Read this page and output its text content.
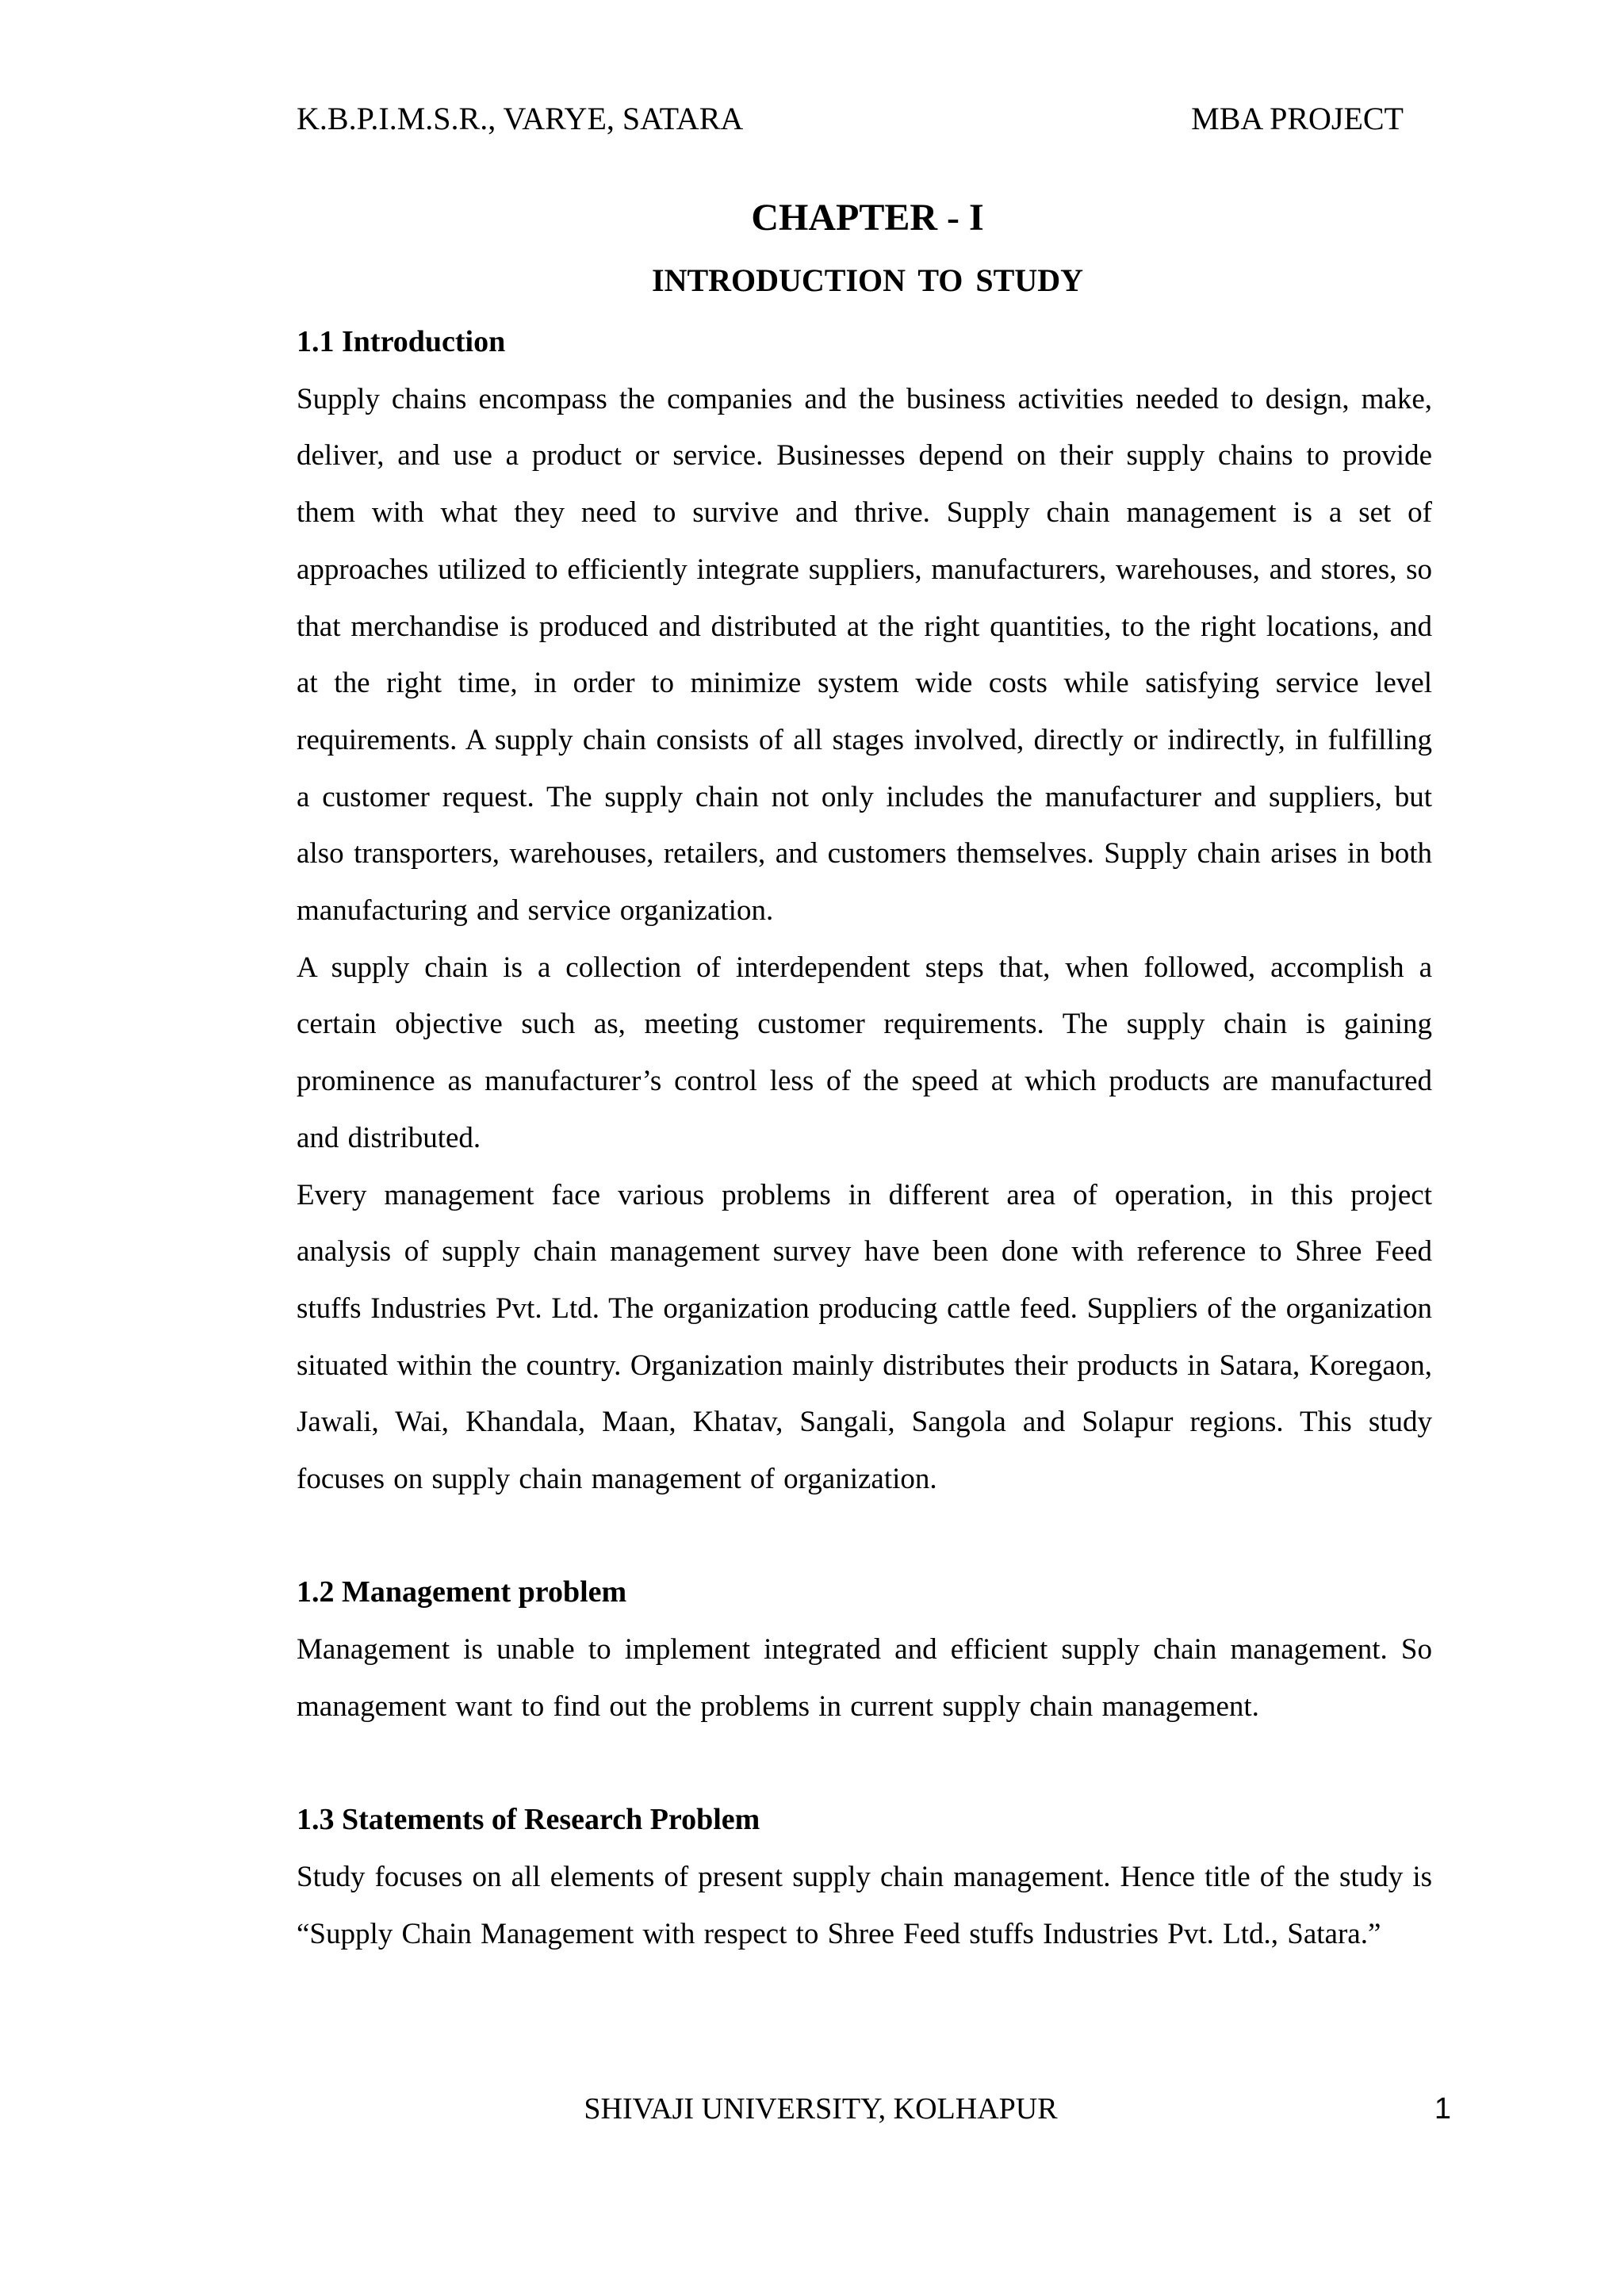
K.B.P.I.M.S.R., VARYE, SATARA	MBA PROJECT
CHAPTER - I
INTRODUCTION TO STUDY

1.1 Introduction

Supply chains encompass the companies and the business activities needed to design, make, deliver, and use a product or service. Businesses depend on their supply chains to provide them with what they need to survive and thrive. Supply chain management is a set of approaches utilized to efficiently integrate suppliers, manufacturers, warehouses, and stores, so that merchandise is produced and distributed at the right quantities, to the right locations, and at the right time, in order to minimize system wide costs while satisfying service level requirements. A supply chain consists of all stages involved, directly or indirectly, in fulfilling a customer request. The supply chain not only includes the manufacturer and suppliers, but also transporters, warehouses, retailers, and customers themselves. Supply chain arises in both manufacturing and service organization.

A supply chain is a collection of interdependent steps that, when followed, accomplish a certain objective such as, meeting customer requirements. The supply chain is gaining prominence as manufacturer’s control less of the speed at which products are manufactured and distributed.

Every management face various problems in different area of operation, in this project analysis of supply chain management survey have been done with reference to Shree Feed stuffs Industries Pvt. Ltd. The organization producing cattle feed. Suppliers of the organization situated within the country. Organization mainly distributes their products in Satara, Koregaon, Jawali, Wai, Khandala, Maan, Khatav, Sangali, Sangola and Solapur regions. This study focuses on supply chain management of organization.

1.2 Management problem

Management is unable to implement integrated and efficient supply chain management. So management want to find out the problems in current supply chain management.

1.3 Statements of Research Problem

Study focuses on all elements of present supply chain management. Hence title of the study is “Supply Chain Management with respect to Shree Feed stuffs Industries Pvt. Ltd., Satara.”

SHIVAJI UNIVERSITY, KOLHAPUR	1
